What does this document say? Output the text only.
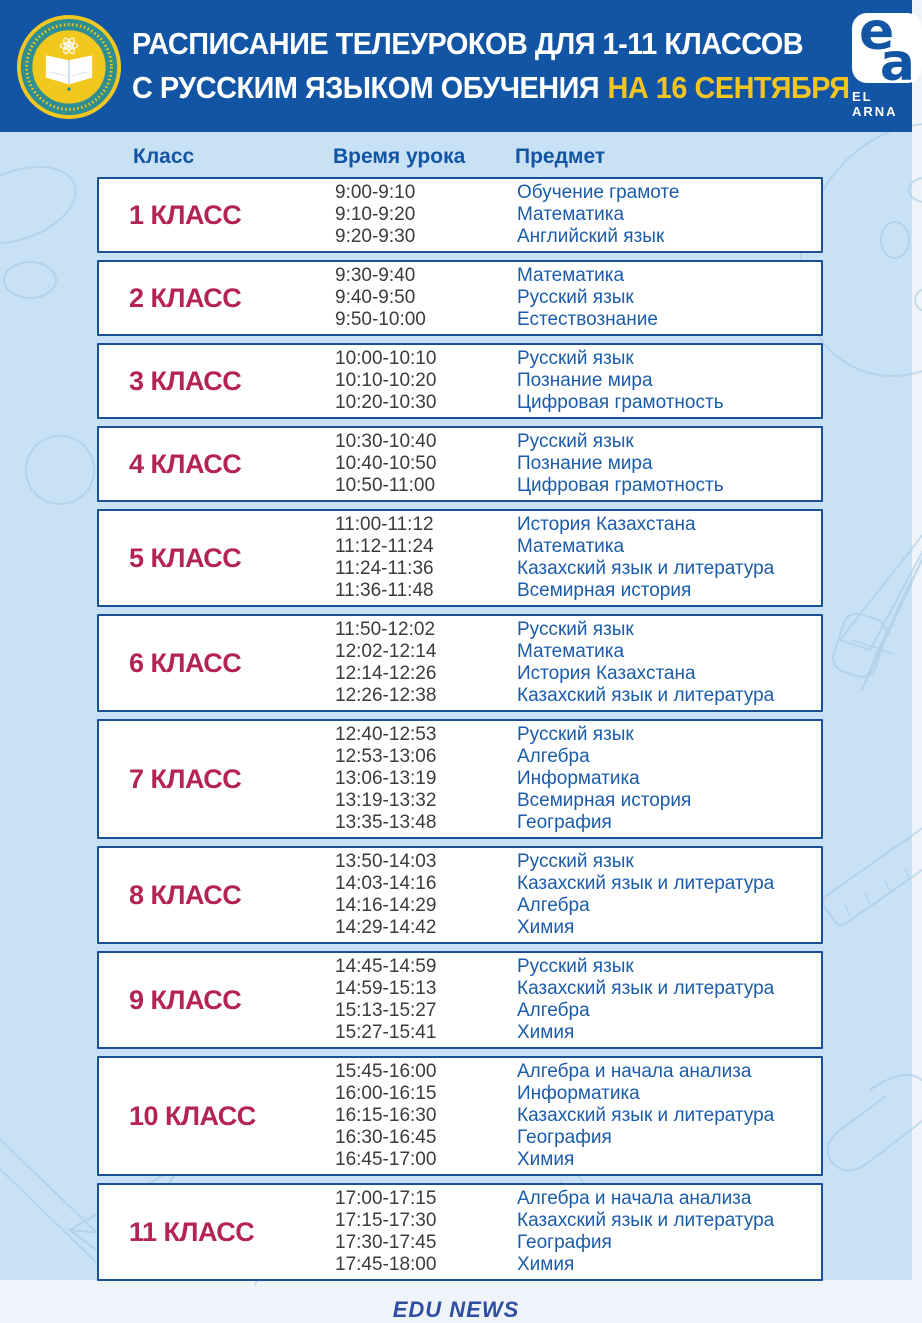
РАСПИСАНИЕ ТЕЛЕУРОКОВ ДЛЯ 1-11 КЛАССОВ
С РУССКИМ ЯЗЫКОМ ОБУЧЕНИЯ НА 16 СЕНТЯБРЯ
e
a
EL ARNA
Класс	Время урока	Предмет
1 КЛАСС
9:00-9:10
9:10-9:20
9:20-9:30
Обучение грамоте
Математика
Английский язык
2 КЛАСС
9:30-9:40
9:40-9:50
9:50-10:00
Математика
Русский язык
Естествознание
3 КЛАСС
10:00-10:10
10:10-10:20
10:20-10:30
Русский язык
Познание мира
Цифровая грамотность
4 КЛАСС
10:30-10:40
10:40-10:50
10:50-11:00
Русский язык
Познание мира
Цифровая грамотность
5 КЛАСС
11:00-11:12
11:12-11:24
11:24-11:36
11:36-11:48
История Казахстана
Математика
Казахский язык и литература
Всемирная история
6 КЛАСС
11:50-12:02
12:02-12:14
12:14-12:26
12:26-12:38
Русский язык
Математика
История Казахстана
Казахский язык и литература
7 КЛАСС
12:40-12:53
12:53-13:06
13:06-13:19
13:19-13:32
13:35-13:48
Русский язык
Алгебра
Информатика
Всемирная история
География
8 КЛАСС
13:50-14:03
14:03-14:16
14:16-14:29
14:29-14:42
Русский язык
Казахский язык и литература
Алгебра
Химия
9 КЛАСС
14:45-14:59
14:59-15:13
15:13-15:27
15:27-15:41
Русский язык
Казахский язык и литература
Алгебра
Химия
10 КЛАСС
15:45-16:00
16:00-16:15
16:15-16:30
16:30-16:45
16:45-17:00
Алгебра и начала анализа
Информатика
Казахский язык и литература
География
Химия
11 КЛАСС
17:00-17:15
17:15-17:30
17:30-17:45
17:45-18:00
Алгебра и начала анализа
Казахский язык и литература
География
Химия
EDU NEWS
